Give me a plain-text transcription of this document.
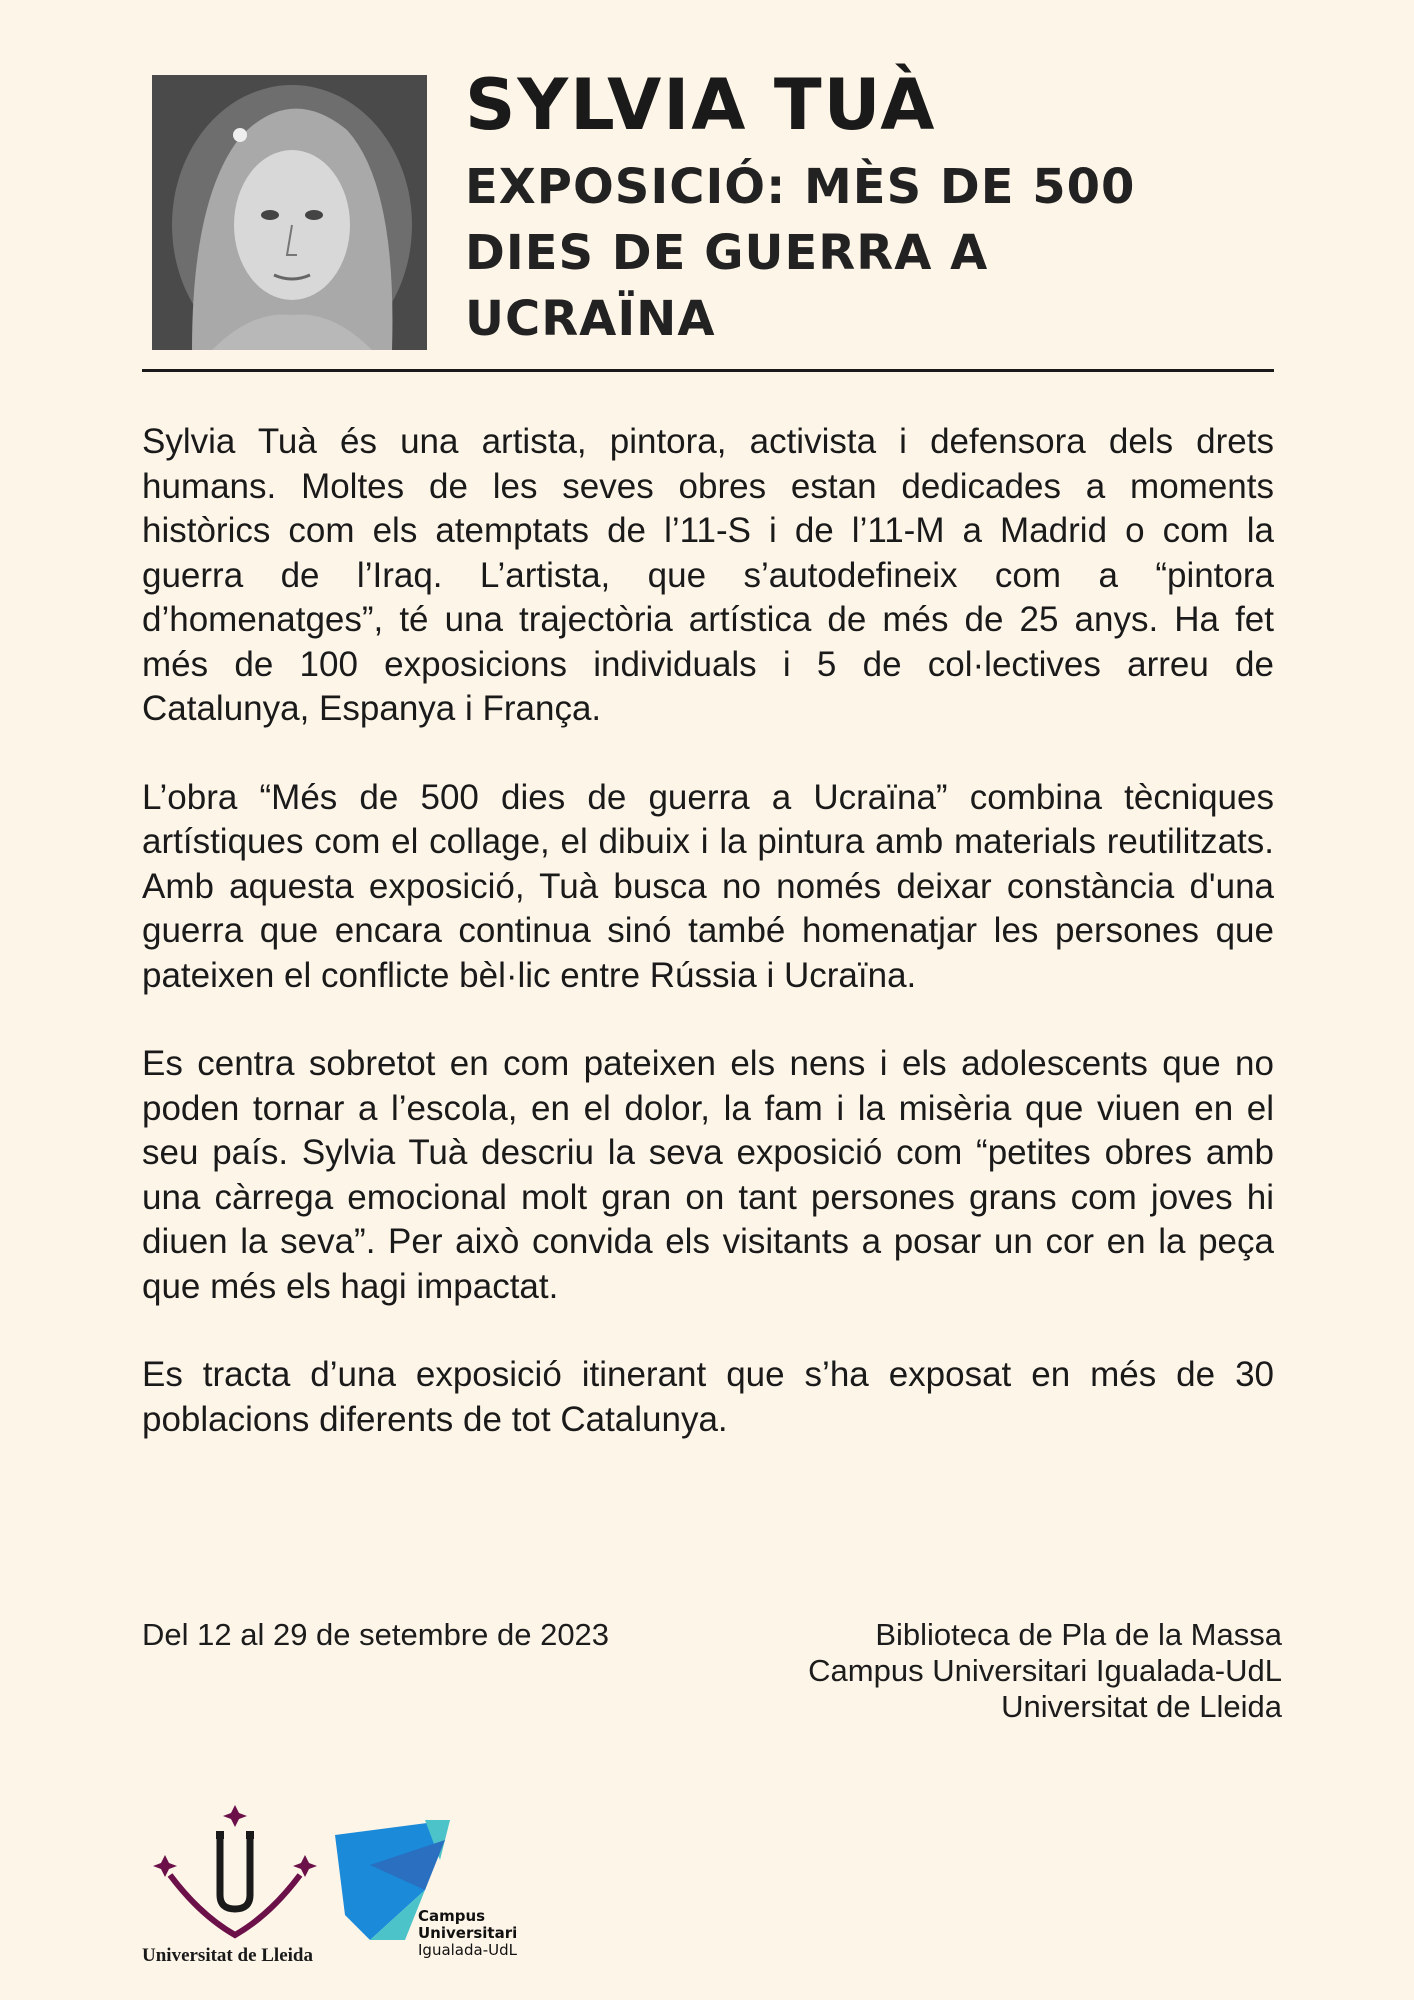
SYLVIA TUÀ
EXPOSICIÓ: MÈS DE 500
DIES DE GUERRA A
UCRAÏNA

Sylvia Tuà és una artista, pintora, activista i defensora dels drets humans. Moltes de les seves obres estan dedicades a moments històrics com els atemptats de l’11-S i de l’11-M a Madrid o com la guerra de l’Iraq. L’artista, que s’autodefineix com a “pintora d’homenatges”, té una trajectòria artística de més de 25 anys. Ha fet més de 100 exposicions individuals i 5 de col·lectives arreu de Catalunya, Espanya i França.

L’obra “Més de 500 dies de guerra a Ucraïna” combina tècniques artístiques com el collage, el dibuix i la pintura amb materials reutilitzats. Amb aquesta exposició, Tuà busca no només deixar constància d'una guerra que encara continua sinó també homenatjar les persones que pateixen el conflicte bèl·lic entre Rússia i Ucraïna.

Es centra sobretot en com pateixen els nens i els adolescents que no poden tornar a l’escola, en el dolor, la fam i la misèria que viuen en el seu país. Sylvia Tuà descriu la seva exposició com “petites obres amb una càrrega emocional molt gran on tant persones grans com joves hi diuen la seva”. Per això convida els visitants a posar un cor en la peça que més els hagi impactat.

Es tracta d’una exposició itinerant que s’ha exposat en més de 30 poblacions diferents de tot Catalunya.

Del 12 al 29 de setembre de 2023	Biblioteca de Pla de la Massa
Campus Universitari Igualada-UdL
Universitat de Lleida
Universitat de Lleida
Campus
Universitari
Igualada-UdL
